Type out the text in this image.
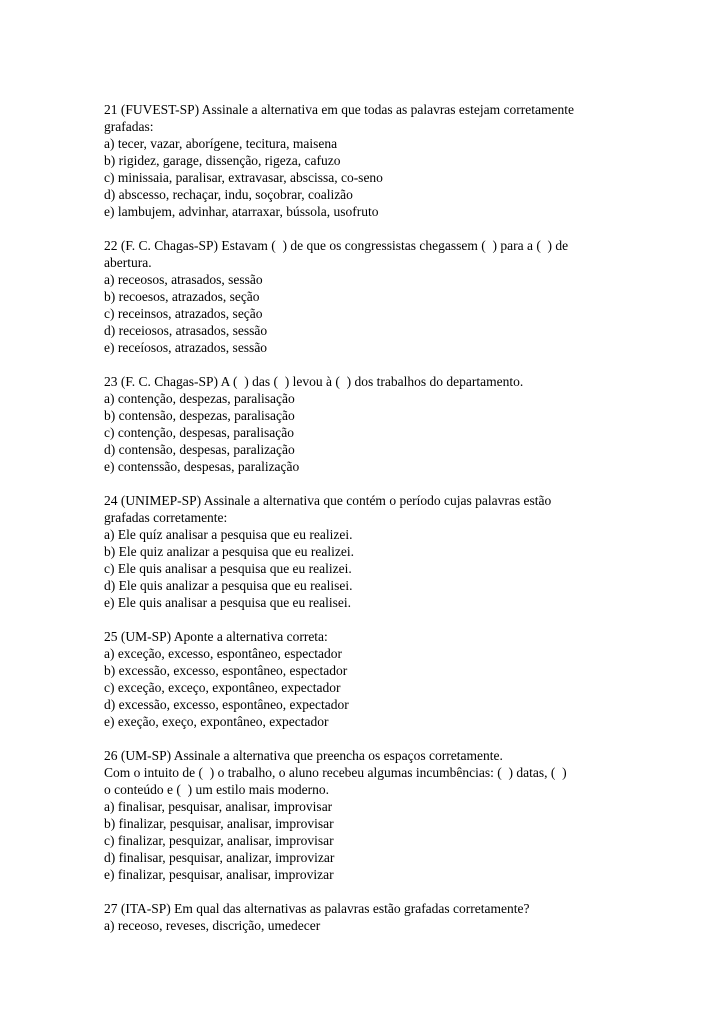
21 (FUVEST-SP) Assinale a alternativa em que todas as palavras estejam corretamente
grafadas:
a) tecer, vazar, aborígene, tecitura, maisena
b) rigidez, garage, dissenção, rigeza, cafuzo
c) minissaia, paralisar, extravasar, abscissa, co-seno
d) abscesso, rechaçar, indu, soçobrar, coalizão
e) lambujem, advinhar, atarraxar, bússola, usofruto
22 (F. C. Chagas-SP) Estavam (  ) de que os congressistas chegassem (  ) para a (  ) de
abertura.
a) receosos, atrasados, sessão
b) recoesos, atrazados, seção
c) receinsos, atrazados, seção
d) receiosos, atrasados, sessão
e) receíosos, atrazados, sessão
23 (F. C. Chagas-SP) A (  ) das (  ) levou à (  ) dos trabalhos do departamento.
a) contenção, despezas, paralisação
b) contensão, despezas, paralisação
c) contenção, despesas, paralisação
d) contensão, despesas, paralização
e) contenssão, despesas, paralização
24 (UNIMEP-SP) Assinale a alternativa que contém o período cujas palavras estão
grafadas corretamente:
a) Ele quíz analisar a pesquisa que eu realizei.
b) Ele quiz analizar a pesquisa que eu realizei.
c) Ele quis analisar a pesquisa que eu realizei.
d) Ele quis analizar a pesquisa que eu realisei.
e) Ele quis analisar a pesquisa que eu realisei.
25 (UM-SP) Aponte a alternativa correta:
a) exceção, excesso, espontâneo, espectador
b) excessão, excesso, espontâneo, espectador
c) exceção, exceço, expontâneo, expectador
d) excessão, excesso, espontâneo, expectador
e) exeção, exeço, expontâneo, expectador
26 (UM-SP) Assinale a alternativa que preencha os espaços corretamente.
Com o intuito de (  ) o trabalho, o aluno recebeu algumas incumbências: (  ) datas, (  )
o conteúdo e (  ) um estilo mais moderno.
a) finalisar, pesquisar, analisar, improvisar
b) finalizar, pesquisar, analisar, improvisar
c) finalizar, pesquizar, analisar, improvisar
d) finalisar, pesquisar, analizar, improvizar
e) finalizar, pesquisar, analisar, improvizar
27 (ITA-SP) Em qual das alternativas as palavras estão grafadas corretamente?
a) receoso, reveses, discrição, umedecer
